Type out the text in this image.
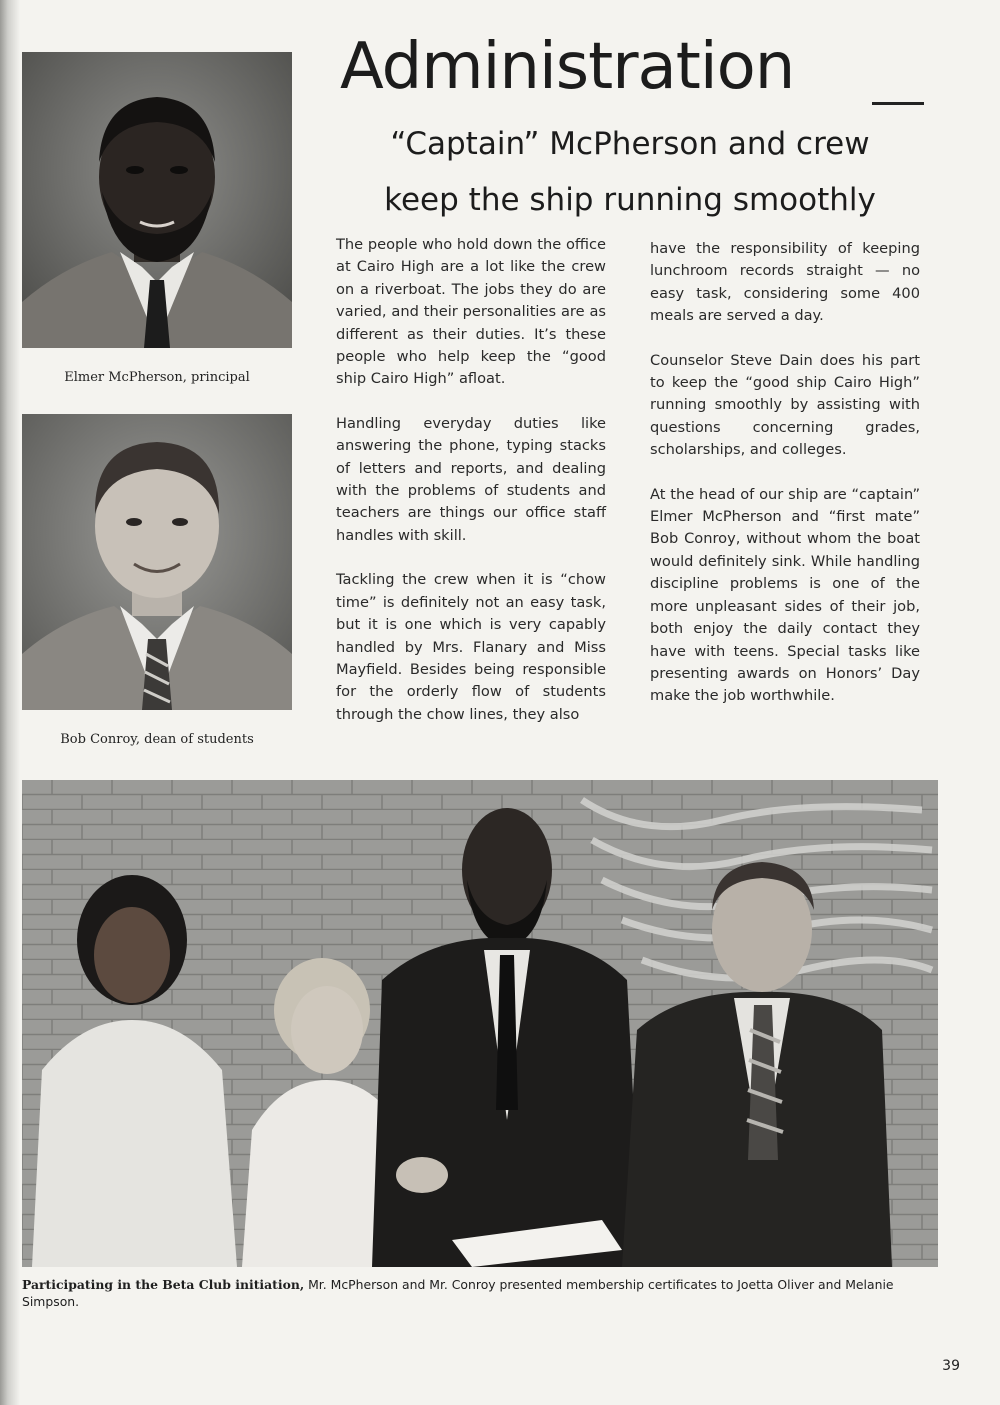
Elmer McPherson, principal
Bob Conroy, dean of students
Administration
“Captain” McPherson and crew
keep the ship running smoothly

The people who hold down the office at Cairo High are a lot like the crew on a riverboat. The jobs they do are varied, and their personalities are as different as their duties. It’s these people who help keep the “good ship Cairo High” afloat.

Handling everyday duties like answering the phone, typing stacks of letters and reports, and dealing with the problems of students and teachers are things our office staff handles with skill.

Tackling the crew when it is “chow time” is definitely not an easy task, but it is one which is very capably handled by Mrs. Flanary and Miss Mayfield. Besides being responsible for the orderly flow of students through the chow lines, they also

have the responsibility of keeping lunchroom records straight — no easy task, considering some 400 meals are served a day.

Counselor Steve Dain does his part to keep the “good ship Cairo High” running smoothly by assisting with questions concerning grades, scholarships, and colleges.

At the head of our ship are “captain” Elmer McPherson and “first mate” Bob Conroy, without whom the boat would definitely sink. While handling discipline problems is one of the more unpleasant sides of their job, both enjoy the daily contact they have with teens. Special tasks like presenting awards on Honors’ Day make the job worthwhile.

Participating in the Beta Club initiation, Mr. McPherson and Mr. Conroy presented membership certificates to Joetta Oliver and Melanie Simpson.
39
